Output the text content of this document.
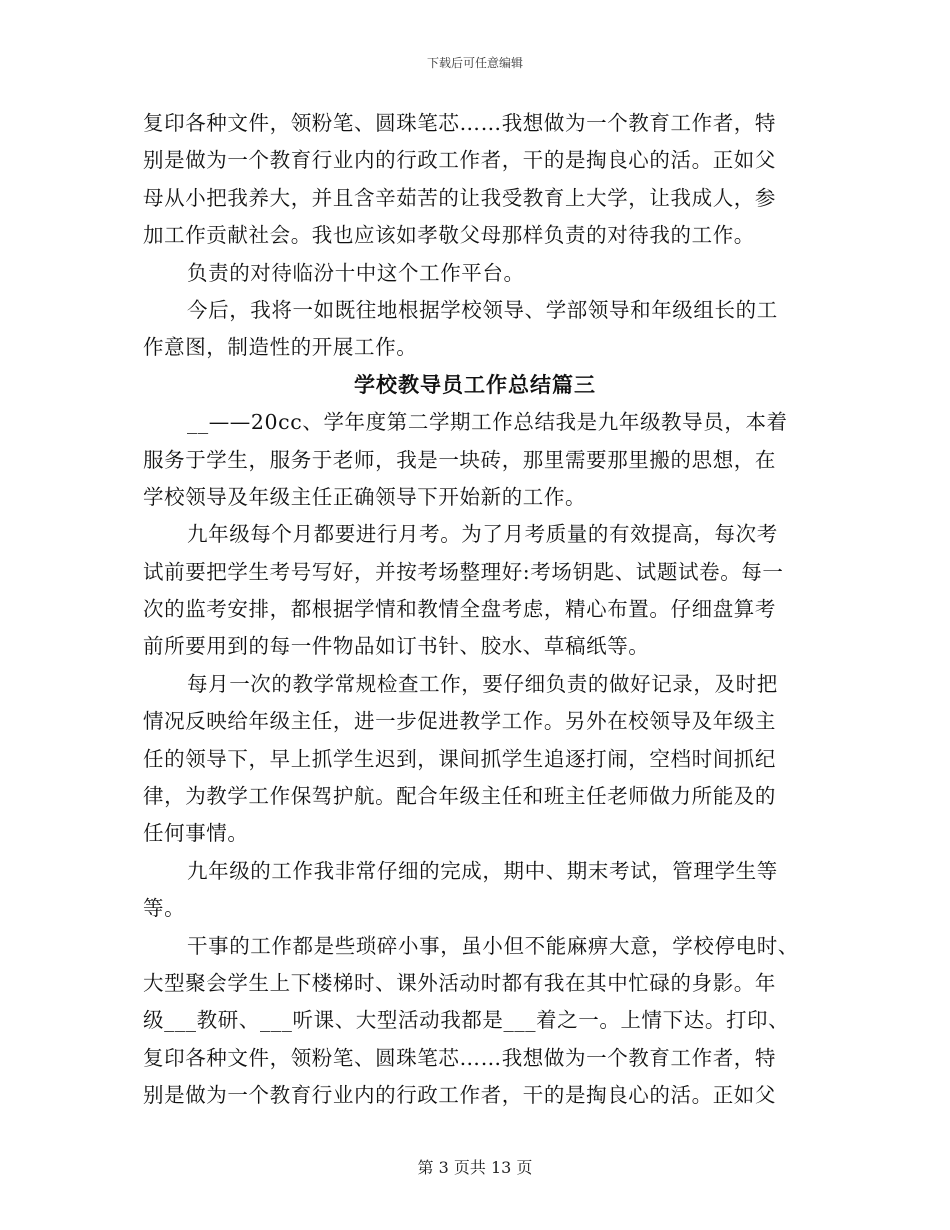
下载后可任意编辑
复印各种文件，领粉笔、圆珠笔芯……我想做为一个教育工作者，特
别是做为一个教育行业内的行政工作者，干的是掏良心的活。正如父
母从小把我养大，并且含辛茹苦的让我受教育上大学，让我成人，参
加工作贡献社会。我也应该如孝敬父母那样负责的对待我的工作。
负责的对待临汾十中这个工作平台。
今后，我将一如既往地根据学校领导、学部领导和年级组长的工
作意图，制造性的开展工作。
学校教导员工作总结篇三
__——20cc、学年度第二学期工作总结我是九年级教导员，本着
服务于学生，服务于老师，我是一块砖，那里需要那里搬的思想，在
学校领导及年级主任正确领导下开始新的工作。
九年级每个月都要进行月考。为了月考质量的有效提高，每次考
试前要把学生考号写好，并按考场整理好:考场钥匙、试题试卷。每一
次的监考安排，都根据学情和教情全盘考虑，精心布置。仔细盘算考
前所要用到的每一件物品如订书针、胶水、草稿纸等。
每月一次的教学常规检查工作，要仔细负责的做好记录，及时把
情况反映给年级主任，进一步促进教学工作。另外在校领导及年级主
任的领导下，早上抓学生迟到，课间抓学生追逐打闹，空档时间抓纪
律，为教学工作保驾护航。配合年级主任和班主任老师做力所能及的
任何事情。
九年级的工作我非常仔细的完成，期中、期末考试，管理学生等
等。
干事的工作都是些琐碎小事，虽小但不能麻痹大意，学校停电时、
大型聚会学生上下楼梯时、课外活动时都有我在其中忙碌的身影。年
级___教研、___听课、大型活动我都是___着之一。上情下达。打印、
复印各种文件，领粉笔、圆珠笔芯……我想做为一个教育工作者，特
别是做为一个教育行业内的行政工作者，干的是掏良心的活。正如父
第 3 页共 13 页
